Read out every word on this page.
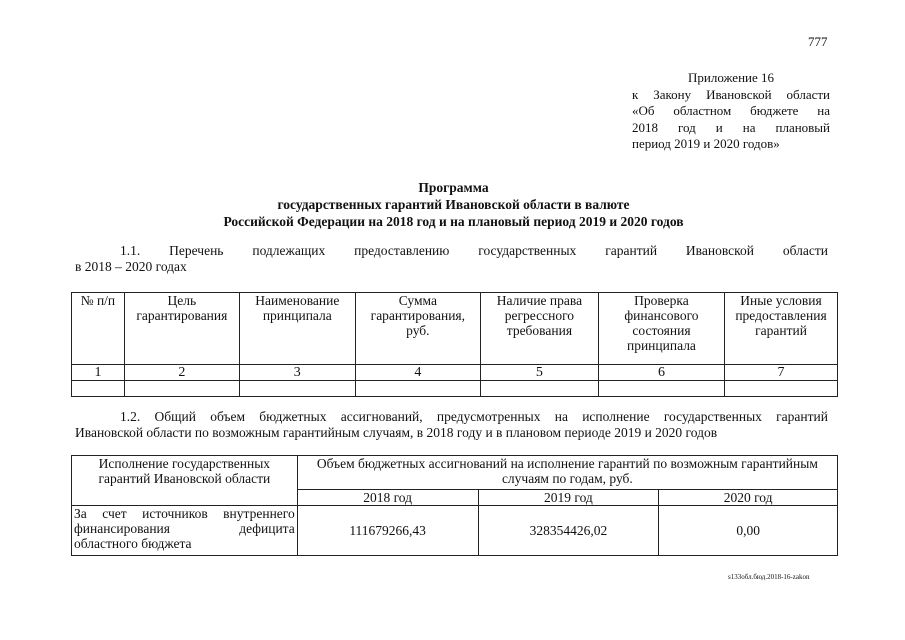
777
Приложение 16
к Закону Ивановской области
«Об областном бюджете на
2018 год и на плановый
период 2019 и 2020 годов»
Программа
государственных гарантий Ивановской области в валюте
Российской Федерации на 2018 год и на плановый период 2019 и 2020 годов
1.1. Перечень подлежащих предоставлению государственных гарантий Ивановской области
в 2018 – 2020 годах
№ п/п	Цель гарантирования	Наименование принципала	Сумма гарантирования, руб.	Наличие права регрессного требования	Проверка финансового состояния принципала	Иные условия предоставления гарантий
1	2	3	4	5	6	7

1.2. Общий объем бюджетных ассигнований, предусмотренных на исполнение государственных гарантий
Ивановской области по возможным гарантийным случаям, в 2018 году и в плановом периоде 2019 и 2020 годов
Исполнение государственных гарантий Ивановской области	Объем бюджетных ассигнований на исполнение гарантий по возможным гарантийным случаям по годам, руб.		
	2018 год	2019 год	2020 год
За счет источников внутреннего финансирования дефицита областного бюджета	111679266,43	328354426,02	0,00
s133обл.бюд.2018-16-zakon
